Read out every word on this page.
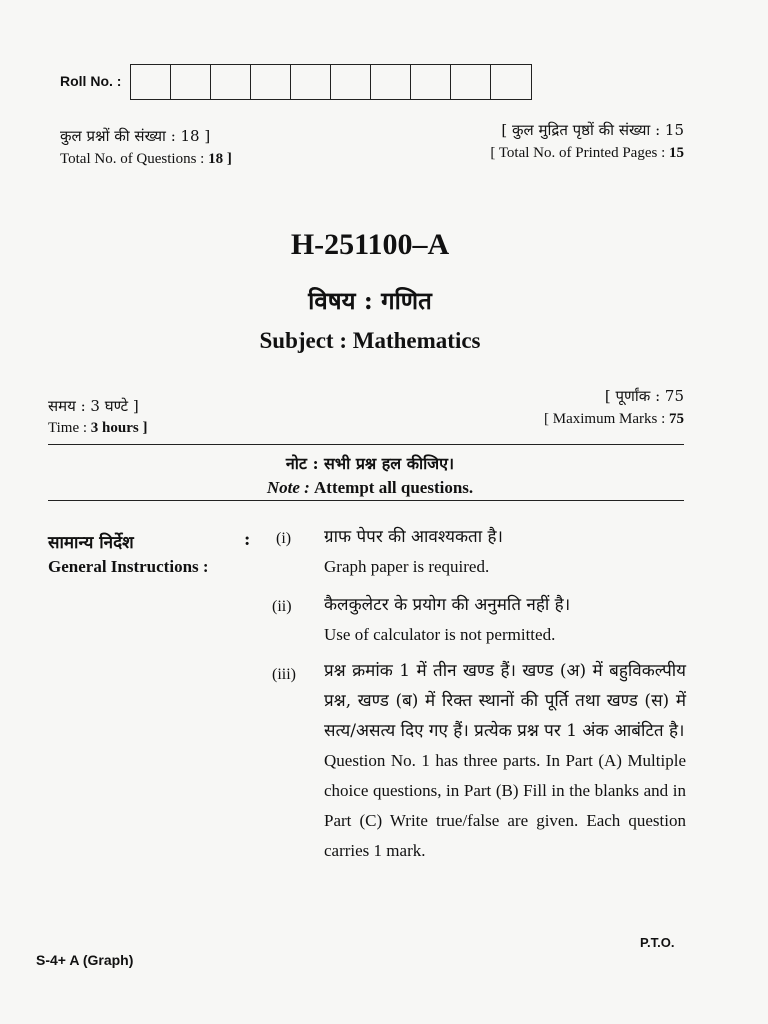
Roll No. :
कुल प्रश्नों की संख्या : 18 ]
Total No. of Questions : 18 ]
[ कुल मुद्रित पृष्ठों की संख्या : 15
[ Total No. of Printed Pages : 15
H-251100–A
विषय : गणित
Subject : Mathematics
समय : 3 घण्टे ]
Time : 3 hours ]
[ पूर्णांक : 75
[ Maximum Marks : 75
नोट : सभी प्रश्न हल कीजिए।
Note : Attempt all questions.
सामान्य निर्देश
General Instructions :
: (i) ग्राफ पेपर की आवश्यकता है।
Graph paper is required.
(ii) कैलकुलेटर के प्रयोग की अनुमति नहीं है।
Use of calculator is not permitted.
(iii) प्रश्न क्रमांक 1 में तीन खण्ड हैं। खण्ड (अ) में बहुविकल्पीय प्रश्न, खण्ड (ब) में रिक्त स्थानों की पूर्ति तथा खण्ड (स) में सत्य/असत्य दिए गए हैं। प्रत्येक प्रश्न पर 1 अंक आबंटित है।
Question No. 1 has three parts. In Part (A) Multiple choice questions, in Part (B) Fill in the blanks and in Part (C) Write true/false are given. Each question carries 1 mark.
S-4+ A (Graph)
P.T.O.
